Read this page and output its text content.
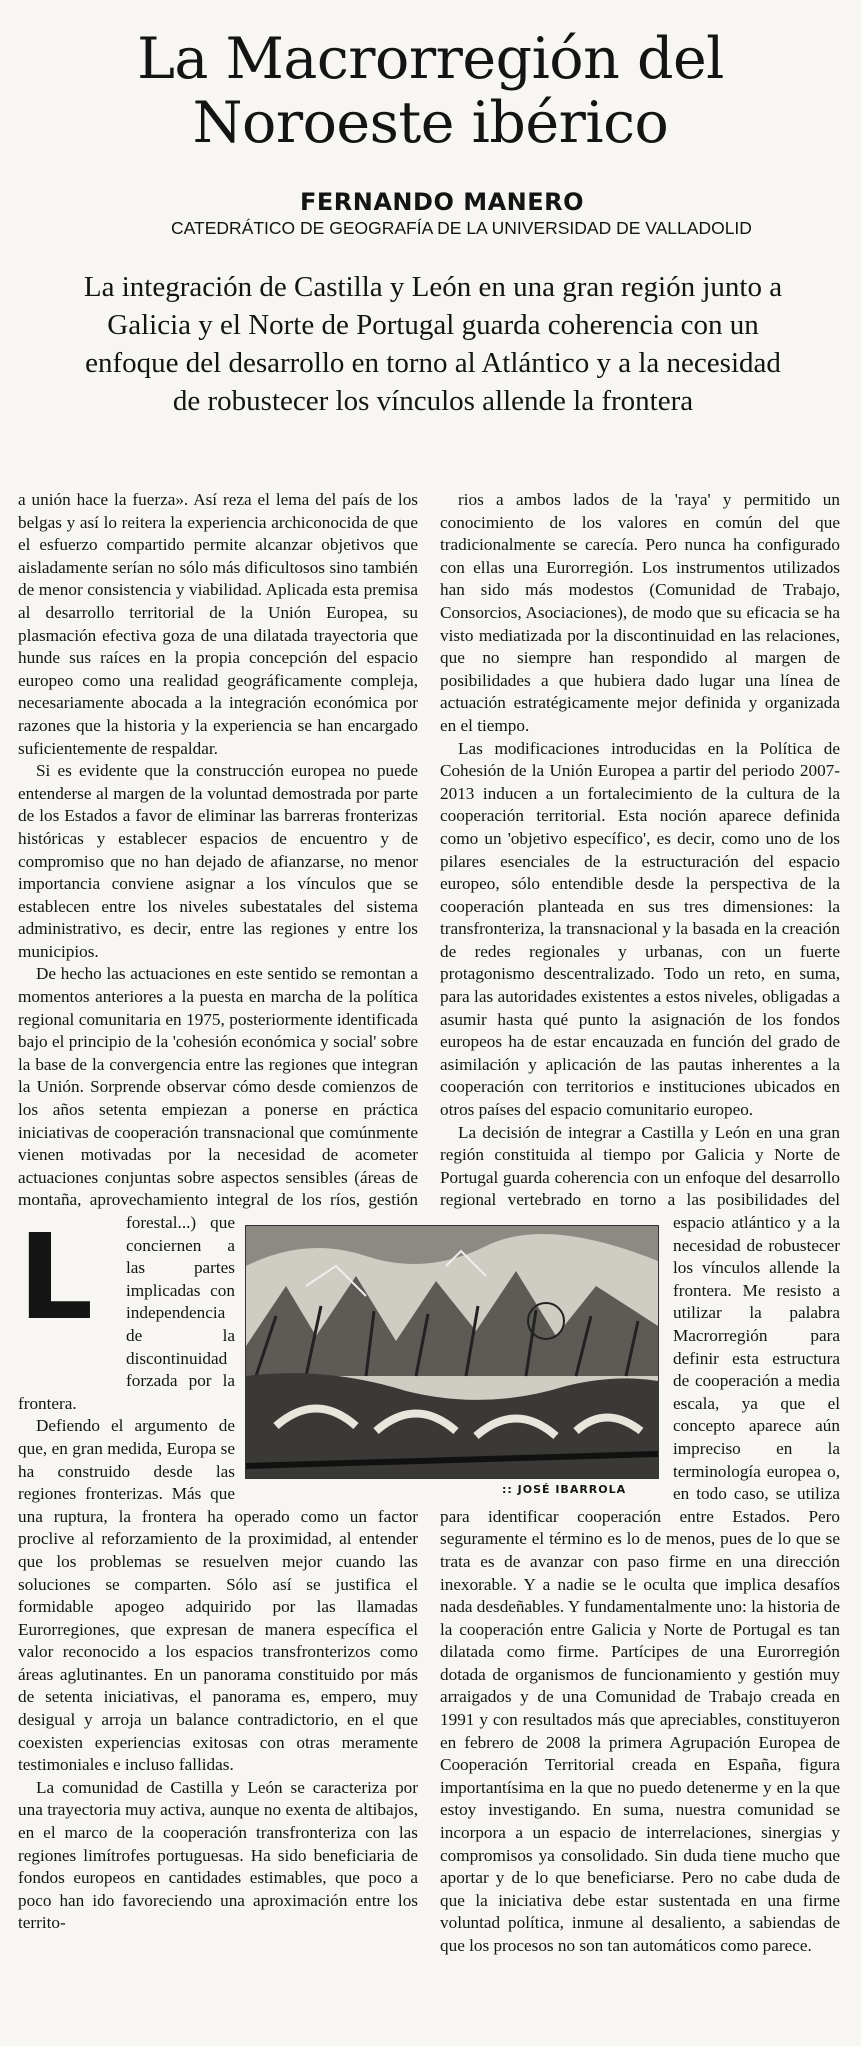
La Macrorregión del
Noroeste ibérico
FERNANDO MANERO
CATEDRÁTICO DE GEOGRAFÍA DE LA UNIVERSIDAD DE VALLADOLID
La integración de Castilla y León en una gran región junto a
Galicia y el Norte de Portugal guarda coherencia con un
enfoque del desarrollo en torno al Atlántico y a la necesidad
de robustecer los vínculos allende la frontera
L

a unión hace la fuerza». Así reza el lema del país de los belgas y así lo reitera la experiencia archiconocida de que el esfuerzo compartido permite alcanzar objetivos que aisladamente serían no sólo más dificultosos sino también de menor consistencia y viabilidad. Aplicada esta premisa al desarrollo territorial de la Unión Europea, su plasmación efectiva goza de una dilatada trayectoria que hunde sus raíces en la propia concepción del espacio europeo como una realidad geográficamente compleja, necesariamente abocada a la integración económica por razones que la historia y la experiencia se han encargado suficientemente de respaldar.

Si es evidente que la construcción europea no puede entenderse al margen de la voluntad demostrada por parte de los Estados a favor de eliminar las barreras fronterizas históricas y establecer espacios de encuentro y de compromiso que no han dejado de afianzarse, no menor importancia conviene asignar a los vínculos que se establecen entre los niveles subestatales del sistema administrativo, es decir, entre las regiones y entre los municipios.

De hecho las actuaciones en este sentido se remontan a momentos anteriores a la puesta en marcha de la política regional comunitaria en 1975, posteriormente identificada bajo el principio de la 'cohesión económica y social' sobre la base de la convergencia entre las regiones que integran la Unión. Sorprende observar cómo desde comienzos de los años setenta empiezan a ponerse en práctica iniciativas de cooperación transnacional que comúnmente vienen motivadas por la necesidad de acometer actuaciones conjuntas sobre aspectos sensibles (áreas de montaña, aprovechamiento integral de los ríos, gestión forestal...) que conciernen a las partes implicadas con independencia de la discontinuidad forzada por la frontera.

Defiendo el argumento de que, en gran medida, Europa se ha construido desde las regiones fronterizas. Más que una ruptura, la frontera ha operado como un factor proclive al reforzamiento de la proximidad, al entender que los problemas se resuelven mejor cuando las soluciones se comparten. Sólo así se justifica el formidable apogeo adquirido por las llamadas Eurorregiones, que expresan de manera específica el valor reconocido a los espacios transfronterizos como áreas aglutinantes. En un panorama constituido por más de setenta iniciativas, el panorama es, empero, muy desigual y arroja un balance contradictorio, en el que coexisten experiencias exitosas con otras meramente testimoniales e incluso fallidas.

La comunidad de Castilla y León se caracteriza por una trayectoria muy activa, aunque no exenta de altibajos, en el marco de la cooperación transfronteriza con las regiones limítrofes portuguesas. Ha sido beneficiaria de fondos europeos en cantidades estimables, que poco a poco han ido favoreciendo una aproximación entre los territo-

rios a ambos lados de la 'raya' y permitido un conocimiento de los valores en común del que tradicionalmente se carecía. Pero nunca ha configurado con ellas una Eurorregión. Los instrumentos utilizados han sido más modestos (Comunidad de Trabajo, Consorcios, Asociaciones), de modo que su eficacia se ha visto mediatizada por la discontinuidad en las relaciones, que no siempre han respondido al margen de posibilidades a que hubiera dado lugar una línea de actuación estratégicamente mejor definida y organizada en el tiempo.

Las modificaciones introducidas en la Política de Cohesión de la Unión Europea a partir del periodo 2007-2013 inducen a un fortalecimiento de la cultura de la cooperación territorial. Esta noción aparece definida como un 'objetivo específico', es decir, como uno de los pilares esenciales de la estructuración del espacio europeo, sólo entendible desde la perspectiva de la cooperación planteada en sus tres dimensiones: la transfronteriza, la transnacional y la basada en la creación de redes regionales y urbanas, con un fuerte protagonismo descentralizado. Todo un reto, en suma, para las autoridades existentes a estos niveles, obligadas a asumir hasta qué punto la asignación de los fondos europeos ha de estar encauzada en función del grado de asimilación y aplicación de las pautas inherentes a la cooperación con territorios e instituciones ubicados en otros países del espacio comunitario europeo.

La decisión de integrar a Castilla y León en una gran región constituida al tiempo por Galicia y Norte de Portugal guarda coherencia con un enfoque del desarrollo regional vertebrado en torno a las posibilidades del espacio atlántico y a la necesidad de robustecer los vínculos allende la frontera. Me resisto a utilizar la palabra Macrorregión para definir esta estructura de cooperación a media escala, ya que el concepto aparece aún impreciso en la terminología europea o, en todo caso, se utiliza para identificar cooperación entre Estados. Pero seguramente el término es lo de menos, pues de lo que se trata es de avanzar con paso firme en una dirección inexorable. Y a nadie se le oculta que implica desafíos nada desdeñables. Y fundamentalmente uno: la historia de la cooperación entre Galicia y Norte de Portugal es tan dilatada como firme. Partícipes de una Eurorregión dotada de organismos de funcionamiento y gestión muy arraigados y de una Comunidad de Trabajo creada en 1991 y con resultados más que apreciables, constituyeron en febrero de 2008 la primera Agrupación Europea de Cooperación Territorial creada en España, figura importantísima en la que no puedo detenerme y en la que estoy investigando. En suma, nuestra comunidad se incorpora a un espacio de interrelaciones, sinergias y compromisos ya consolidado. Sin duda tiene mucho que aportar y de lo que beneficiarse. Pero no cabe duda de que la iniciativa debe estar sustentada en una firme voluntad política, inmune al desaliento, a sabiendas de que los procesos no son tan automáticos como parece.

:: JOSÉ IBARROLA
